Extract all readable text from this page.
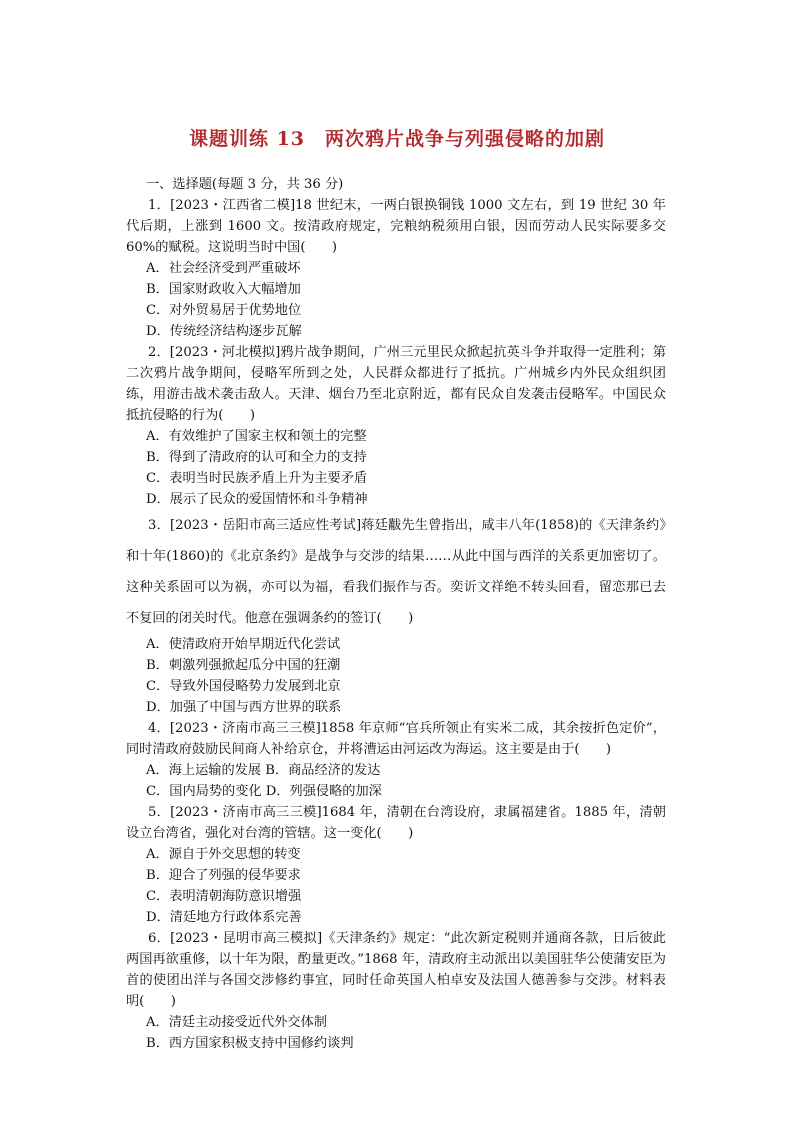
课题训练 13　两次鸦片战争与列强侵略的加剧

一、选择题(每题 3 分，共 36 分)

1．[2023・江西省二模]18 世纪末，一两白银换铜钱 1000 文左右，到 19 世纪 30 年代后期，上涨到 1600 文。按清政府规定，完粮纳税须用白银，因而劳动人民实际要多交 60%的赋税。这说明当时中国(　　)

A．社会经济受到严重破坏

B．国家财政收入大幅增加

C．对外贸易居于优势地位

D．传统经济结构逐步瓦解

2．[2023・河北模拟]鸦片战争期间，广州三元里民众掀起抗英斗争并取得一定胜利；第二次鸦片战争期间，侵略军所到之处，人民群众都进行了抵抗。广州城乡内外民众组织团练，用游击战术袭击敌人。天津、烟台乃至北京附近，都有民众自发袭击侵略军。中国民众抵抗侵略的行为(　　)

A．有效维护了国家主权和领土的完整

B．得到了清政府的认可和全力的支持

C．表明当时民族矛盾上升为主要矛盾

D．展示了民众的爱国情怀和斗争精神

3．[2023・岳阳市高三适应性考试]蒋廷黻先生曾指出，咸丰八年(1858)的《天津条约》和十年(1860)的《北京条约》是战争与交涉的结果……从此中国与西洋的关系更加密切了。这种关系固可以为祸，亦可以为福，看我们振作与否。奕䜣文祥绝不转头回看，留恋那已去不复回的闭关时代。他意在强调条约的签订(　　)

A．使清政府开始早期近代化尝试

B．刺激列强掀起瓜分中国的狂潮

C．导致外国侵略势力发展到北京

D．加强了中国与西方世界的联系

4．[2023・济南市高三三模]1858 年京师“官兵所领止有实米二成，其余按折色定价”，同时清政府鼓励民间商人补给京仓，并将漕运由河运改为海运。这主要是由于(　　)

A．海上运输的发展 B．商品经济的发达

C．国内局势的变化 D．列强侵略的加深

5．[2023・济南市高三三模]1684 年，清朝在台湾设府，隶属福建省。1885 年，清朝设立台湾省，强化对台湾的管辖。这一变化(　　)

A．源自于外交思想的转变

B．迎合了列强的侵华要求

C．表明清朝海防意识增强

D．清廷地方行政体系完善

6．[2023・昆明市高三模拟]《天津条约》规定：“此次新定税则并通商各款，日后彼此两国再欲重修，以十年为限，酌量更改。”1868 年，清政府主动派出以美国驻华公使蒲安臣为首的使团出洋与各国交涉修约事宜，同时任命英国人柏卓安及法国人德善参与交涉。材料表明(　　)

A．清廷主动接受近代外交体制

B．西方国家积极支持中国修约谈判
